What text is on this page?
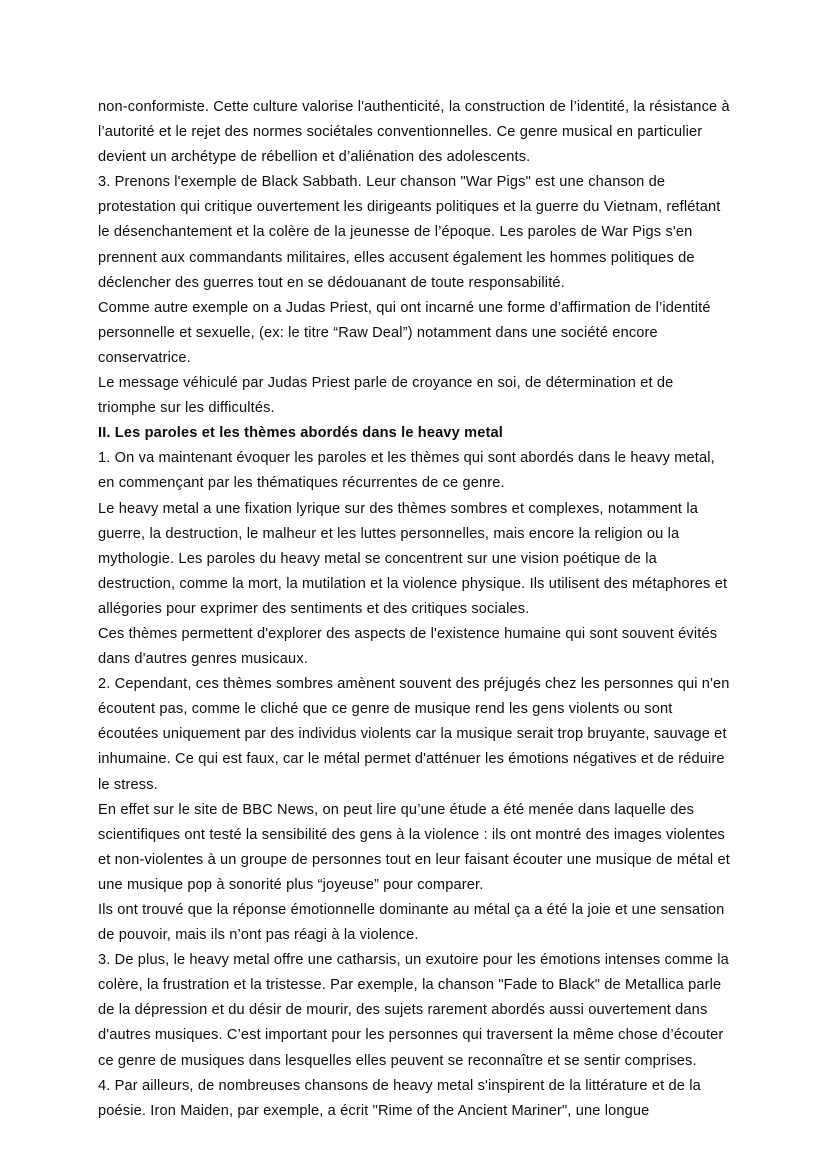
non-conformiste. Cette culture valorise l'authenticité, la construction de l’identité, la résistance à l’autorité et le rejet des normes sociétales conventionnelles. Ce genre musical en particulier devient un archétype de rébellion et d’aliénation des adolescents.

3. Prenons l'exemple de Black Sabbath. Leur chanson "War Pigs" est une chanson de protestation qui critique ouvertement les dirigeants politiques et la guerre du Vietnam, reflétant le désenchantement et la colère de la jeunesse de l’époque. Les paroles de War Pigs s'en prennent aux commandants militaires, elles accusent également les hommes politiques de déclencher des guerres tout en se dédouanant de toute responsabilité.

Comme autre exemple on a Judas Priest, qui ont incarné une forme d’affirmation de l’identité personnelle et sexuelle, (ex: le titre “Raw Deal”) notamment dans une société encore conservatrice.

Le message véhiculé par Judas Priest parle de croyance en soi, de détermination et de triomphe sur les difficultés.

II. Les paroles et les thèmes abordés dans le heavy metal

1. On va maintenant évoquer les paroles et les thèmes qui sont abordés dans le heavy metal, en commençant par les thématiques récurrentes de ce genre.

Le heavy metal a une fixation lyrique sur des thèmes sombres et complexes, notamment la guerre, la destruction, le malheur et les luttes personnelles, mais encore la religion ou la mythologie. Les paroles du heavy metal se concentrent sur une vision poétique de la destruction, comme la mort, la mutilation et la violence physique. Ils utilisent des métaphores et allégories pour exprimer des sentiments et des critiques sociales.

Ces thèmes permettent d'explorer des aspects de l'existence humaine qui sont souvent évités dans d'autres genres musicaux.

2. Cependant, ces thèmes sombres amènent souvent des préjugés chez les personnes qui n'en écoutent pas, comme le cliché que ce genre de musique rend les gens violents ou sont écoutées uniquement par des individus violents car la musique serait trop bruyante, sauvage et inhumaine. Ce qui est faux, car le métal permet d'atténuer les émotions négatives et de réduire le stress.

En effet sur le site de BBC News, on peut lire qu’une étude a été menée dans laquelle des scientifiques ont testé la sensibilité des gens à la violence : ils ont montré des images violentes et non-violentes à un groupe de personnes tout en leur faisant écouter une musique de métal et une musique pop à sonorité plus “joyeuse” pour comparer.

Ils ont trouvé que la réponse émotionnelle dominante au métal ça a été la joie et une sensation de pouvoir, mais ils n’ont pas réagi à la violence.

3. De plus, le heavy metal offre une catharsis, un exutoire pour les émotions intenses comme la colère, la frustration et la tristesse. Par exemple, la chanson "Fade to Black" de Metallica parle de la dépression et du désir de mourir, des sujets rarement abordés aussi ouvertement dans d'autres musiques. C’est important pour les personnes qui traversent la même chose d’écouter ce genre de musiques dans lesquelles elles peuvent se reconnaître et se sentir comprises.

4. Par ailleurs, de nombreuses chansons de heavy metal s'inspirent de la littérature et de la poésie. Iron Maiden, par exemple, a écrit "Rime of the Ancient Mariner", une longue
